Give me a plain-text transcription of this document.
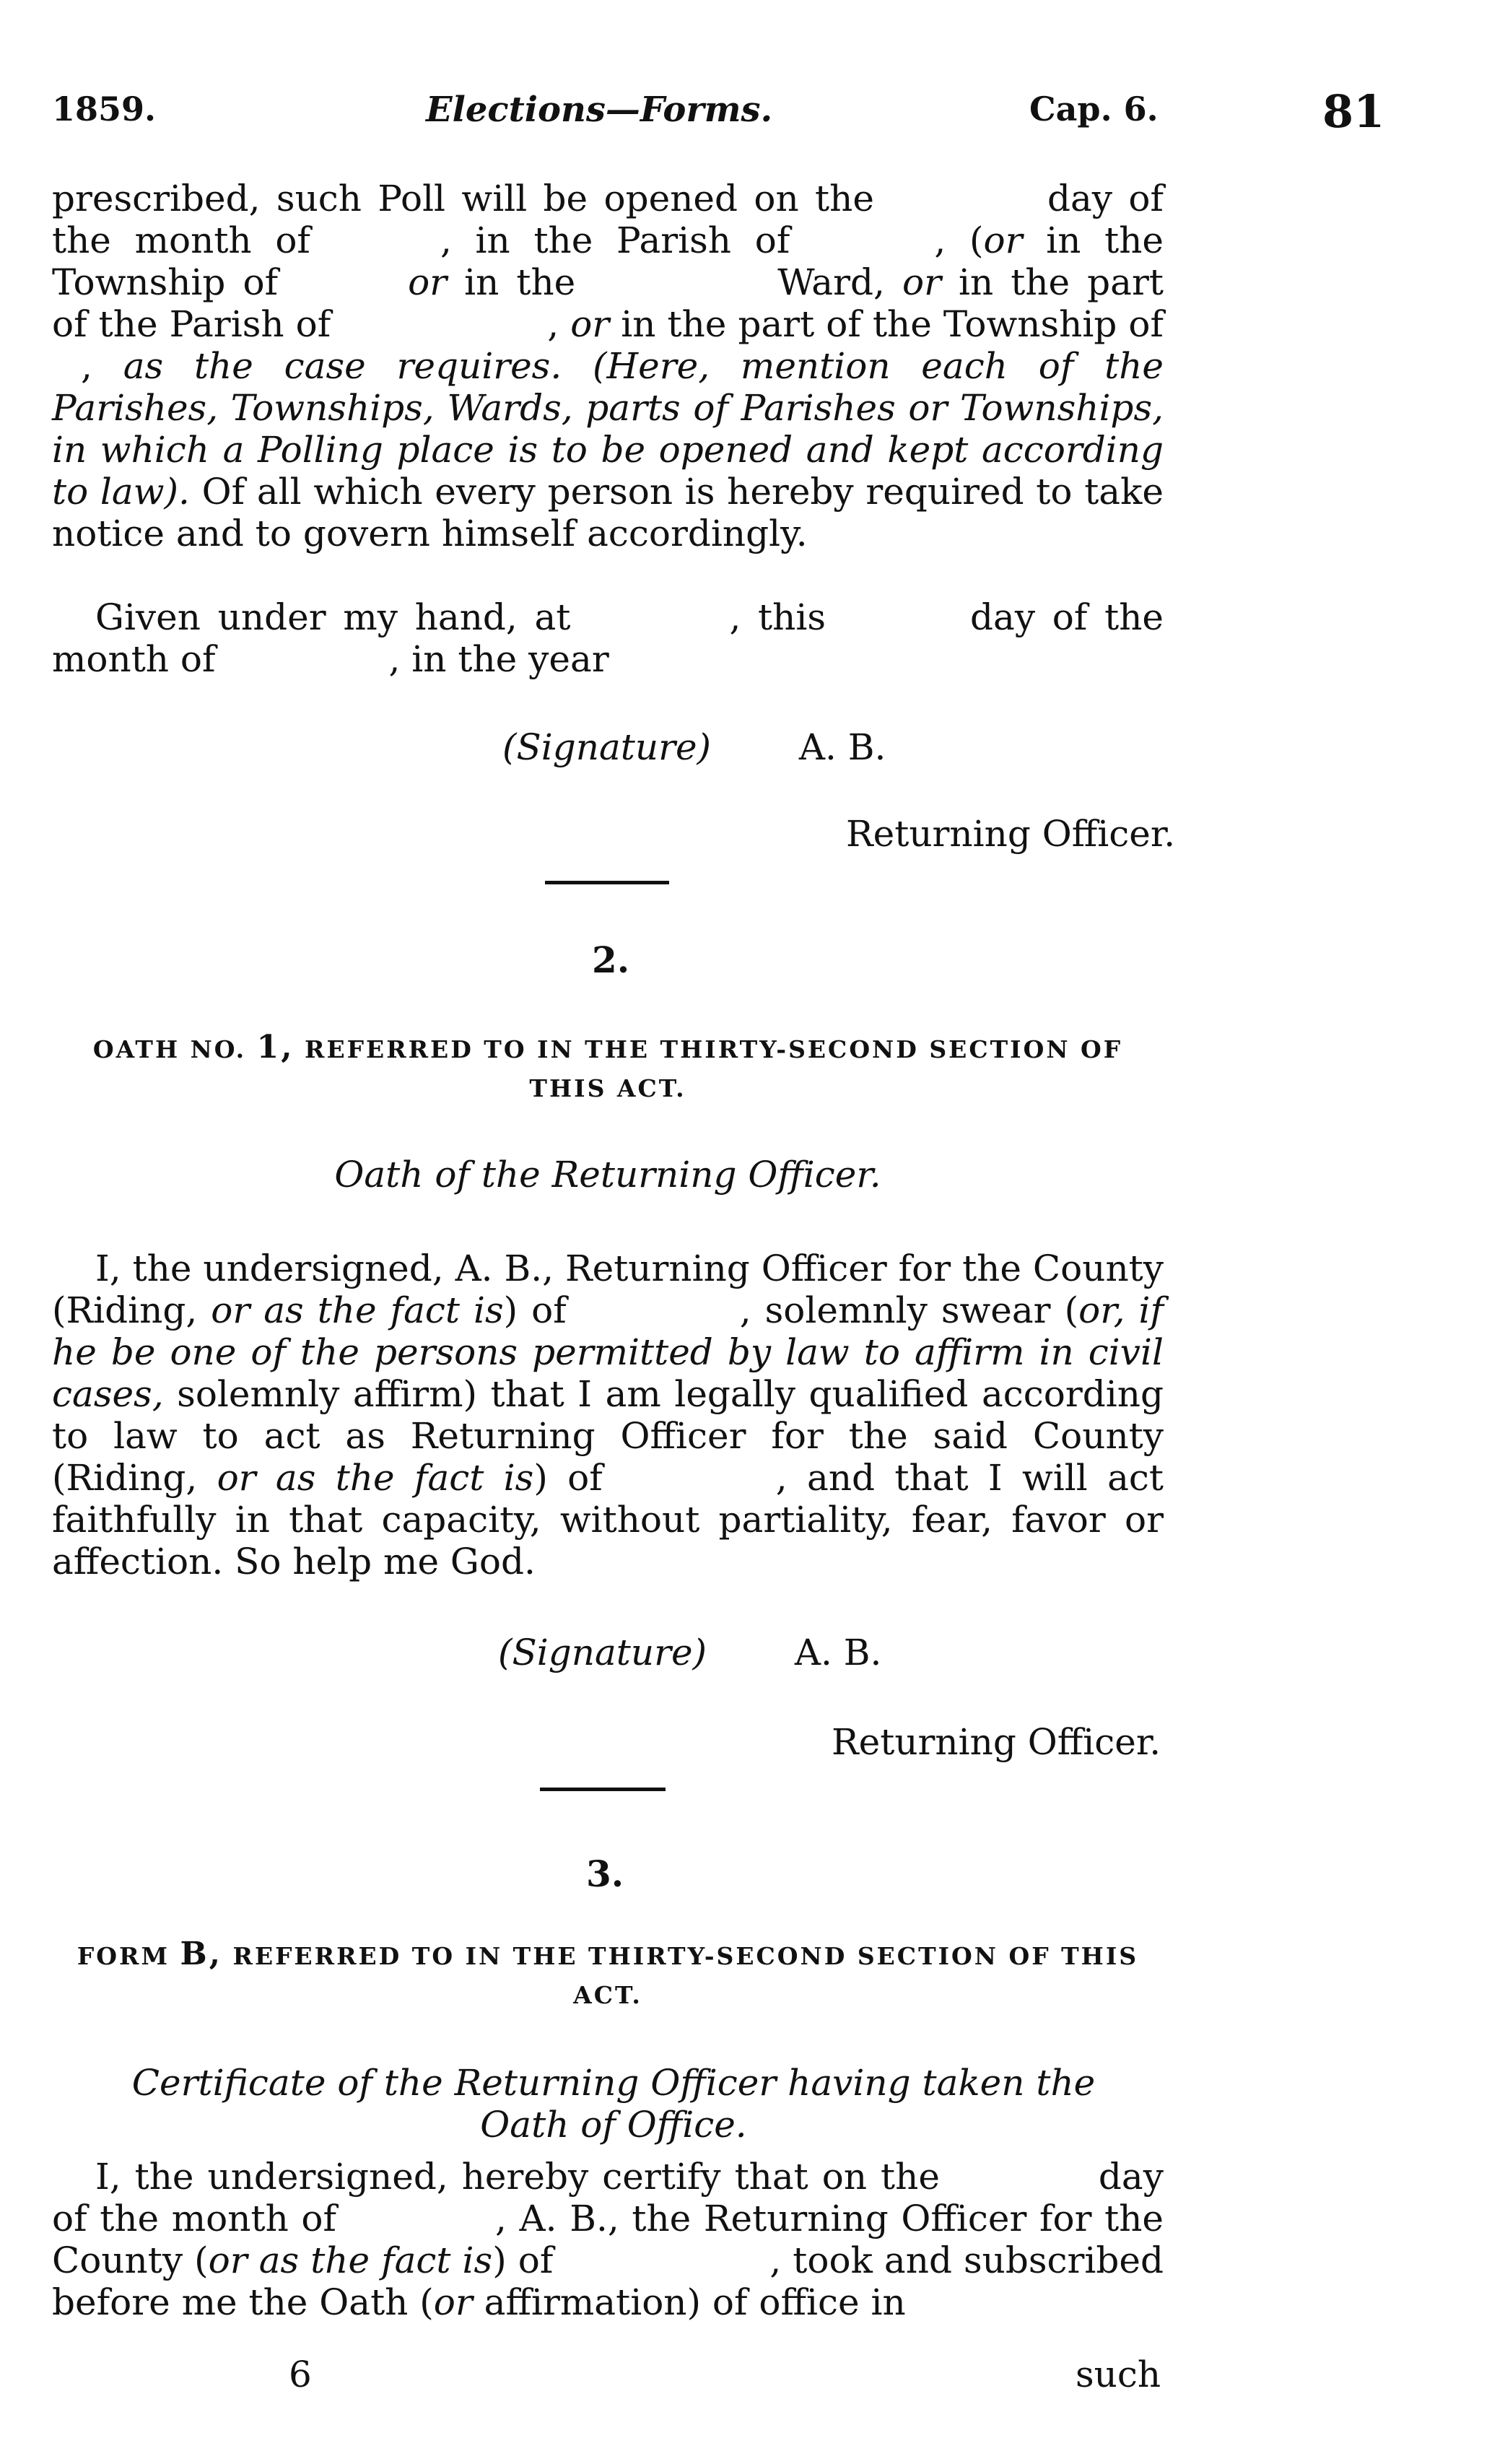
1859.	Elections—Forms.	Cap. 6.	81

prescribed, such Poll will be opened on the	day of the month of	, in the Parish of	, (or in the Township of	or in the	Ward, or in the part of the Parish of	, or in the part of the Township of, as the case requires. (Here, mention each of the Parishes, Townships, Wards, parts of Parishes or Townships, in which a Polling place is to be opened and kept according to law). Of all which every person is hereby required to take notice and to govern himself accordingly.

Given under my hand, at	, this	day of the month of	, in the year

(Signature) A. B.
Returning Officer.
2.
OATH NO. 1, REFERRED TO IN THE THIRTY-SECOND SECTION OF THIS ACT.
Oath of the Returning Officer.

I, the undersigned, A. B., Returning Officer for the County (Riding, or as the fact is) of	, solemnly swear (or, if he be one of the persons permitted by law to affirm in civil cases, solemnly affirm) that I am legally qualified according to law to act as Returning Officer for the said County (Riding, or as the fact is) of	, and that I will act faithfully in that capacity, without partiality, fear, favor or affection. So help me God.

(Signature) A. B.
Returning Officer.
3.
FORM B, REFERRED TO IN THE THIRTY-SECOND SECTION OF THIS ACT.
Certificate of the Returning Officer having taken the Oath of Office.

I, the undersigned, hereby certify that on the	day of the month of	, A. B., the Returning Officer for the County (or as the fact is) of	, took and subscribed before me the Oath (or affirmation) of office in

6	such
